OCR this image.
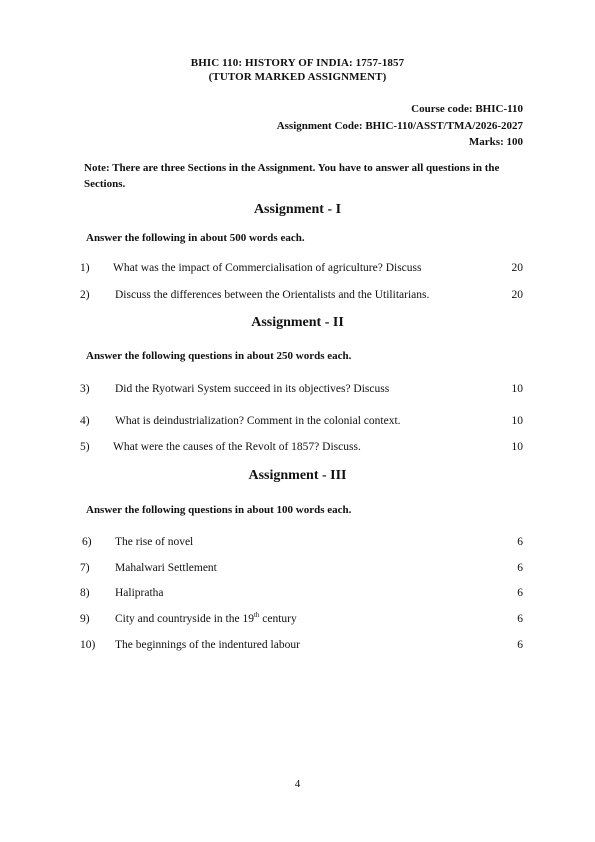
BHIC 110: HISTORY OF INDIA: 1757-1857
(TUTOR MARKED ASSIGNMENT)
Course code: BHIC-110
Assignment Code: BHIC-110/ASST/TMA/2026-2027
Marks: 100
Note: There are three Sections in the Assignment. You have to answer all questions in the Sections.
Assignment - I
Answer the following in about 500 words each.
1) What was the impact of Commercialisation of agriculture? Discuss	20
2) Discuss the differences between the Orientalists and the Utilitarians.	20
Assignment - II
Answer the following questions in about 250 words each.
3) Did the Ryotwari System succeed in its objectives? Discuss	10
4) What is deindustrialization? Comment in the colonial context.	10
5) What were the causes of the Revolt of 1857? Discuss.	10
Assignment - III
Answer the following questions in about 100 words each.
6) The rise of novel	6
7) Mahalwari Settlement	6
8) Halipratha	6
9) City and countryside in the 19th century	6
10) The beginnings of the indentured labour	6
4
